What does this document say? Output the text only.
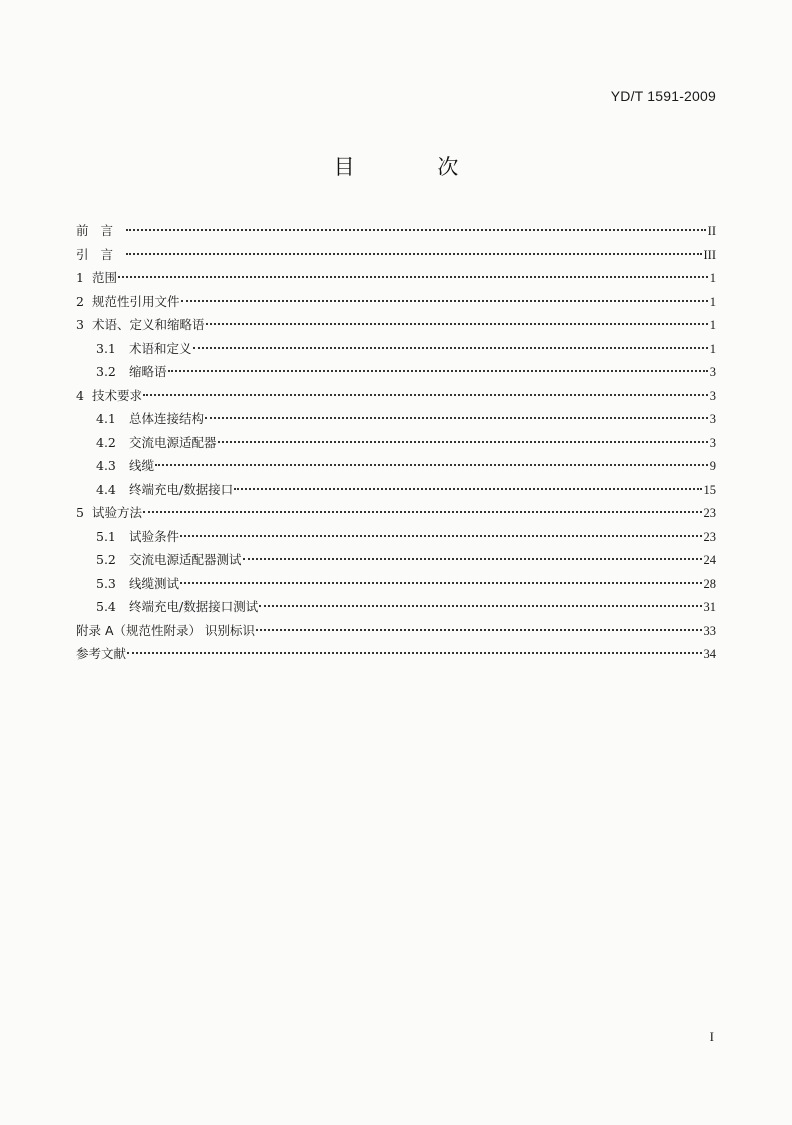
YD/T 1591-2009
目 次
前言	II
引言	III
1 范围	1
2 规范性引用文件	1
3 术语、定义和缩略语	1
3.1	术语和定义	1
3.2	缩略语	3
4 技术要求	3
4.1	总体连接结构	3
4.2	交流电源适配器	3
4.3	线缆	9
4.4	终端充电/数据接口	15
5 试验方法	23
5.1	试验条件	23
5.2	交流电源适配器测试	24
5.3	线缆测试	28
5.4	终端充电/数据接口测试	31
附录 A（规范性附录） 识别标识	33
参考文献	34
I
